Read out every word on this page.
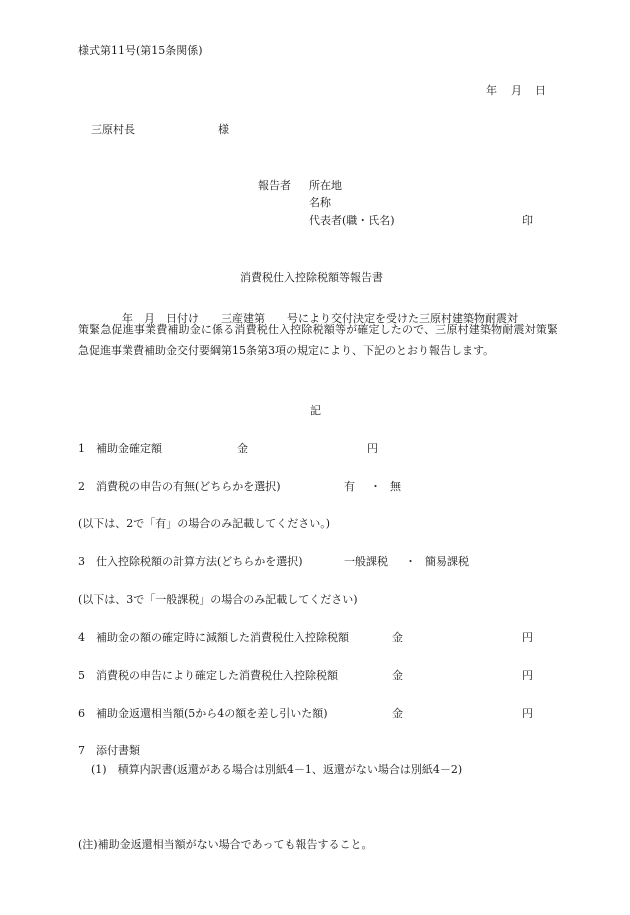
様式第11号(第15条関係)
年 月 日
三原村長	様
報告者 所在地
名称
代表者(職・氏名)	印
消費税仕入控除税額等報告書
年　月　日付け　　三産建第　　号により交付決定を受けた三原村建築物耐震対
策緊急促進事業費補助金に係る消費税仕入控除税額等が確定したので、三原村建築物耐震対策緊急促進事業費補助金交付要綱第15条第3項の規定により、下記のとおり報告します。
記
1　補助金確定額	金	円
2　消費税の申告の有無(どちらかを選択)	有 ・ 無
(以下は、2で「有」の場合のみ記載してください。)
3　仕入控除税額の計算方法(どちらかを選択)	一般課税 ・ 簡易課税
(以下は、3で「一般課税」の場合のみ記載してください)
4　補助金の額の確定時に減額した消費税仕入控除税額	金	円
5　消費税の申告により確定した消費税仕入控除税額	金	円
6　補助金返還相当額(5から4の額を差し引いた額)	金	円
7　添付書類
(1)　積算内訳書(返還がある場合は別紙4－1、返還がない場合は別紙4－2)
(注)補助金返還相当額がない場合であっても報告すること。
